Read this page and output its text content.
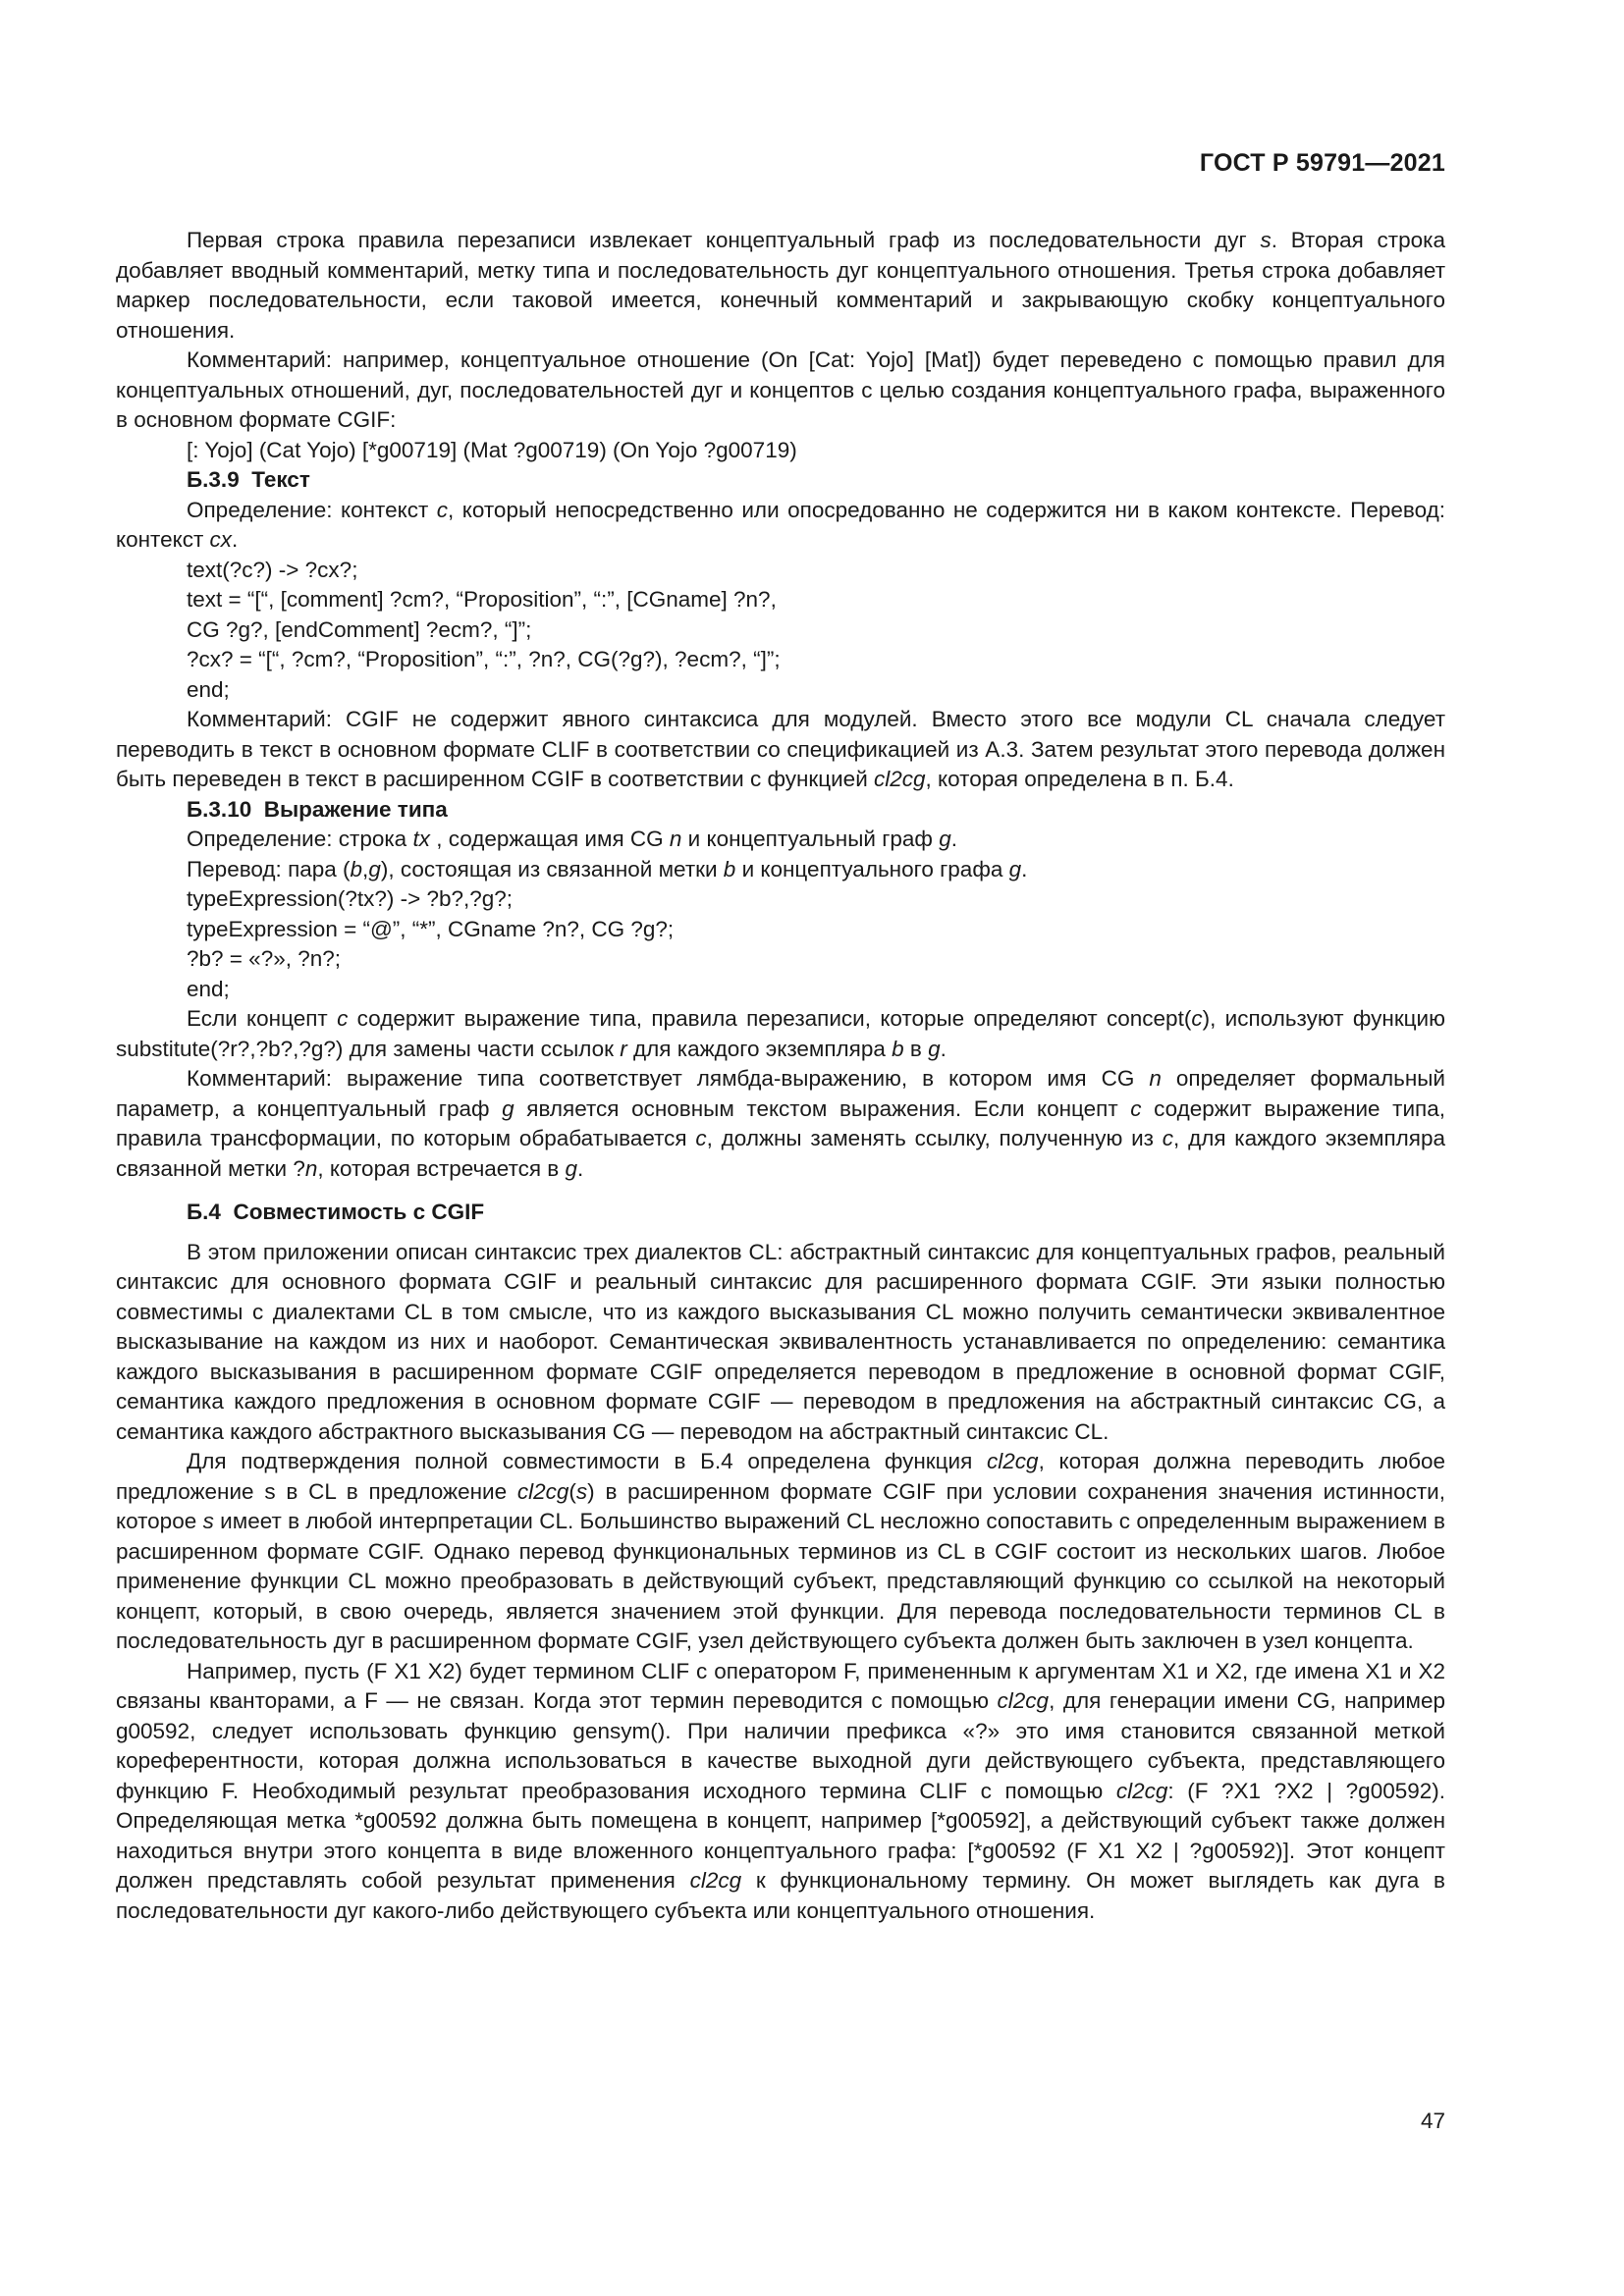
ГОСТ Р 59791—2021

Первая строка правила перезаписи извлекает концептуальный граф из последовательности дуг s. Вторая строка добавляет вводный комментарий, метку типа и последовательность дуг концептуального отношения. Третья строка добавляет маркер последовательности, если таковой имеется, конечный комментарий и закрывающую скобку концептуального отношения.

Комментарий: например, концептуальное отношение (On [Cat: Yojo] [Mat]) будет переведено с помощью правил для концептуальных отношений, дуг, последовательностей дуг и концептов с целью создания концептуального графа, выраженного в основном формате CGIF:

[: Yojo] (Cat Yojo) [*g00719] (Mat ?g00719) (On Yojo ?g00719)

Б.3.9  Текст

Определение: контекст c, который непосредственно или опосредованно не содержится ни в каком контексте. Перевод: контекст cx.

text(?c?) -> ?cx?;

text = “[“, [comment] ?cm?, “Proposition”, “:”, [CGname] ?n?,

CG ?g?, [endComment] ?ecm?, “]”;

?cx? = “[“, ?cm?, “Proposition”, “:”, ?n?, CG(?g?), ?ecm?, “]”;

end;

Комментарий: CGIF не содержит явного синтаксиса для модулей. Вместо этого все модули CL сначала следует переводить в текст в основном формате CLIF в соответствии со спецификацией из А.3. Затем результат этого перевода должен быть переведен в текст в расширенном CGIF в соответствии с функцией cl2cg, которая определена в п. Б.4.

Б.3.10  Выражение типа

Определение: строка tx , содержащая имя CG n и концептуальный граф g.

Перевод: пара (b,g), состоящая из связанной метки b и концептуального графа g.

typeExpression(?tx?) -> ?b?,?g?;

typeExpression = “@”, “*”, CGname ?n?, CG ?g?;

?b? = «?», ?n?;

end;

Если концепт c содержит выражение типа, правила перезаписи, которые определяют concept(c), используют функцию substitute(?r?,?b?,?g?) для замены части ссылок r для каждого экземпляра b в g.

Комментарий: выражение типа соответствует лямбда-выражению, в котором имя CG n определяет формальный параметр, а концептуальный граф g является основным текстом выражения. Если концепт c содержит выражение типа, правила трансформации, по которым обрабатывается c, должны заменять ссылку, полученную из c, для каждого экземпляра связанной метки ?n, которая встречается в g.

Б.4  Совместимость с CGIF

В этом приложении описан синтаксис трех диалектов CL: абстрактный синтаксис для концептуальных графов, реальный синтаксис для основного формата CGIF и реальный синтаксис для расширенного формата CGIF. Эти языки полностью совместимы с диалектами CL в том смысле, что из каждого высказывания CL можно получить семантически эквивалентное высказывание на каждом из них и наоборот. Семантическая эквивалентность устанавливается по определению: семантика каждого высказывания в расширенном формате CGIF определяется переводом в предложение в основной формат CGIF, семантика каждого предложения в основном формате CGIF — переводом в предложения на абстрактный синтаксис CG, а семантика каждого абстрактного высказывания CG — переводом на абстрактный синтаксис CL.

Для подтверждения полной совместимости в Б.4 определена функция cl2cg, которая должна переводить любое предложение s в CL в предложение cl2cg(s) в расширенном формате CGIF при условии сохранения значения истинности, которое s имеет в любой интерпретации CL. Большинство выражений CL несложно сопоставить с определенным выражением в расширенном формате CGIF. Однако перевод функциональных терминов из CL в CGIF состоит из нескольких шагов. Любое применение функции CL можно преобразовать в действующий субъект, представляющий функцию со ссылкой на некоторый концепт, который, в свою очередь, является значением этой функции. Для перевода последовательности терминов CL в последовательность дуг в расширенном формате CGIF, узел действующего субъекта должен быть заключен в узел концепта.

Например, пусть (F X1 X2) будет термином CLIF с оператором F, примененным к аргументам X1 и X2, где имена X1 и X2 связаны кванторами, а F — не связан. Когда этот термин переводится с помощью cl2cg, для генерации имени CG, например g00592, следует использовать функцию gensym(). При наличии префикса «?» это имя становится связанной меткой кореферентности, которая должна использоваться в качестве выходной дуги действующего субъекта, представляющего функцию F. Необходимый результат преобразования исходного термина CLIF с помощью cl2cg: (F ?X1 ?X2 | ?g00592). Определяющая метка *g00592 должна быть помещена в концепт, например [*g00592], а действующий субъект также должен находиться внутри этого концепта в виде вложенного концептуального графа: [*g00592 (F X1 X2 | ?g00592)]. Этот концепт должен представлять собой результат применения cl2cg к функциональному термину. Он может выглядеть как дуга в последовательности дуг какого-либо действующего субъекта или концептуального отношения.

47
